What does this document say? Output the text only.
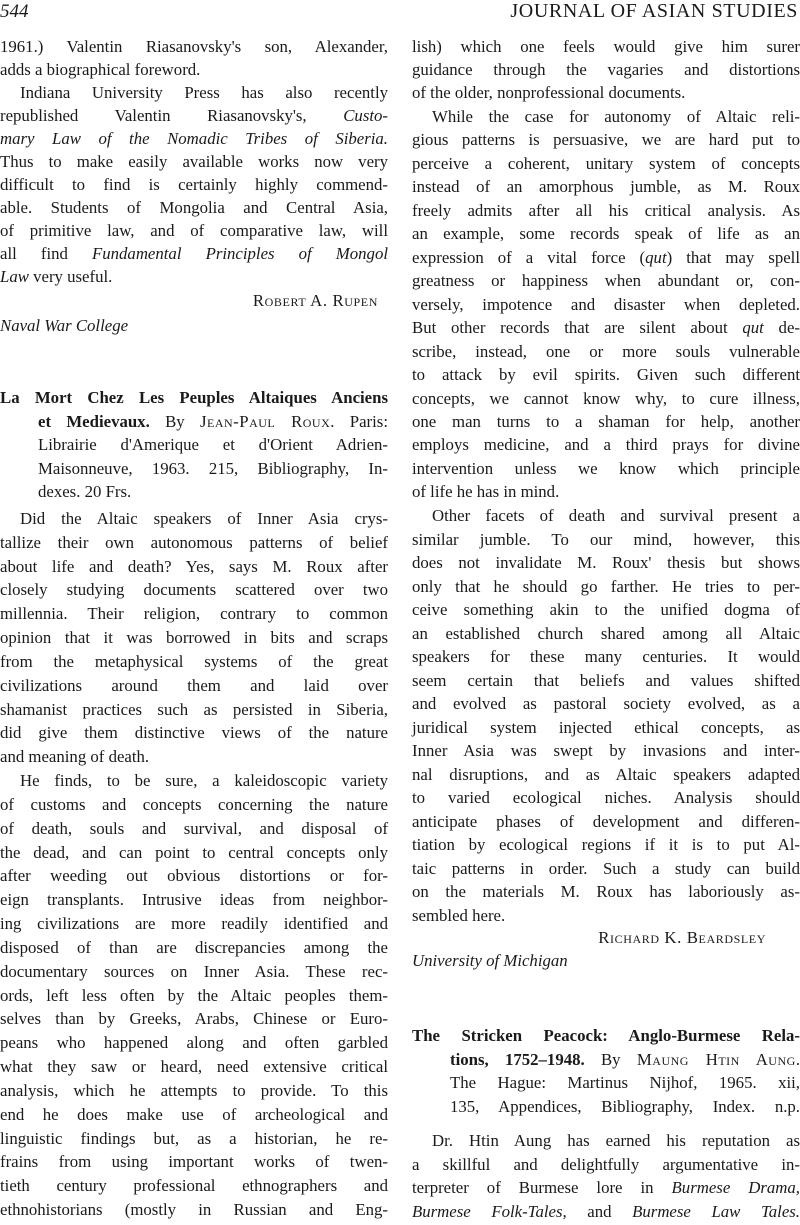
544	JOURNAL OF ASIAN STUDIES
Robert A. Rupen
Naval War College
Richard K. Beardsley
University of Michigan
1961.) Valentin Riasanovsky's son, Alexander,
adds a biographical foreword.
Indiana University Press has also recently
republished Valentin Riasanovsky's, Custo-
mary Law of the Nomadic Tribes of Siberia.
Thus to make easily available works now very
difficult to find is certainly highly commend-
able. Students of Mongolia and Central Asia,
of primitive law, and of comparative law, will
all find Fundamental Principles of Mongol
Law very useful.
La Mort Chez Les Peuples Altaiques Anciens
et Medievaux. By Jean-Paul Roux. Paris:
Librairie d'Amerique et d'Orient Adrien-
Maisonneuve, 1963. 215, Bibliography, In-
dexes. 20 Frs.
Did the Altaic speakers of Inner Asia crys-
tallize their own autonomous patterns of belief
about life and death? Yes, says M. Roux after
closely studying documents scattered over two
millennia. Their religion, contrary to common
opinion that it was borrowed in bits and scraps
from the metaphysical systems of the great
civilizations around them and laid over
shamanist practices such as persisted in Siberia,
did give them distinctive views of the nature
and meaning of death.
He finds, to be sure, a kaleidoscopic variety
of customs and concepts concerning the nature
of death, souls and survival, and disposal of
the dead, and can point to central concepts only
after weeding out obvious distortions or for-
eign transplants. Intrusive ideas from neighbor-
ing civilizations are more readily identified and
disposed of than are discrepancies among the
documentary sources on Inner Asia. These rec-
ords, left less often by the Altaic peoples them-
selves than by Greeks, Arabs, Chinese or Euro-
peans who happened along and often garbled
what they saw or heard, need extensive critical
analysis, which he attempts to provide. To this
end he does make use of archeological and
linguistic findings but, as a historian, he re-
frains from using important works of twen-
tieth century professional ethnographers and
ethnohistorians (mostly in Russian and Eng-
lish) which one feels would give him surer
guidance through the vagaries and distortions
of the older, nonprofessional documents.
While the case for autonomy of Altaic reli-
gious patterns is persuasive, we are hard put to
perceive a coherent, unitary system of concepts
instead of an amorphous jumble, as M. Roux
freely admits after all his critical analysis. As
an example, some records speak of life as an
expression of a vital force (qut) that may spell
greatness or happiness when abundant or, con-
versely, impotence and disaster when depleted.
But other records that are silent about qut de-
scribe, instead, one or more souls vulnerable
to attack by evil spirits. Given such different
concepts, we cannot know why, to cure illness,
one man turns to a shaman for help, another
employs medicine, and a third prays for divine
intervention unless we know which principle
of life he has in mind.
Other facets of death and survival present a
similar jumble. To our mind, however, this
does not invalidate M. Roux' thesis but shows
only that he should go farther. He tries to per-
ceive something akin to the unified dogma of
an established church shared among all Altaic
speakers for these many centuries. It would
seem certain that beliefs and values shifted
and evolved as pastoral society evolved, as a
juridical system injected ethical concepts, as
Inner Asia was swept by invasions and inter-
nal disruptions, and as Altaic speakers adapted
to varied ecological niches. Analysis should
anticipate phases of development and differen-
tiation by ecological regions if it is to put Al-
taic patterns in order. Such a study can build
on the materials M. Roux has laboriously as-
sembled here.
The Stricken Peacock: Anglo-Burmese Rela-
tions, 1752–1948. By Maung Htin Aung.
The Hague: Martinus Nijhof, 1965. xii,
135, Appendices, Bibliography, Index. n.p.
Dr. Htin Aung has earned his reputation as
a skillful and delightfully argumentative in-
terpreter of Burmese lore in Burmese Drama,
Burmese Folk-Tales, and Burmese Law Tales.
